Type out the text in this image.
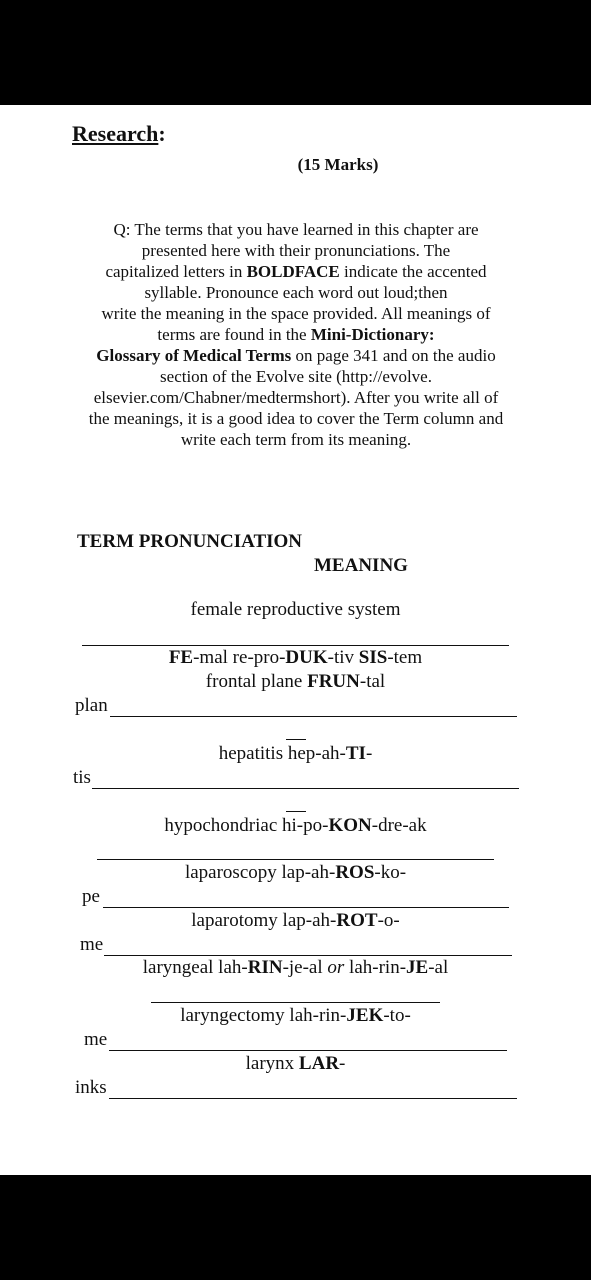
Research:
(15 Marks)
Q: The terms that you have learned in this chapter are
presented here with their pronunciations. The
capitalized letters in BOLDFACE indicate the accented
syllable. Pronounce each word out loud;then
write the meaning in the space provided. All meanings of
terms are found in the Mini-Dictionary:
Glossary of Medical Terms on page 341 and on the audio
section of the Evolve site (http://evolve.
elsevier.com/Chabner/medtermshort). After you write all of
the meanings, it is a good idea to cover the Term column and
write each term from its meaning.
TERM PRONUNCIATION
MEANING
female reproductive system
FE-mal re-pro-DUK-tiv SIS-tem
frontal plane FRUN-tal
plan
hepatitis hep-ah-TI-
tis
hypochondriac hi-po-KON-dre-ak
laparoscopy lap-ah-ROS-ko-
pe
laparotomy lap-ah-ROT-o-
me
laryngeal lah-RIN-je-al or lah-rin-JE-al
laryngectomy lah-rin-JEK-to-
me
larynx LAR-
inks
